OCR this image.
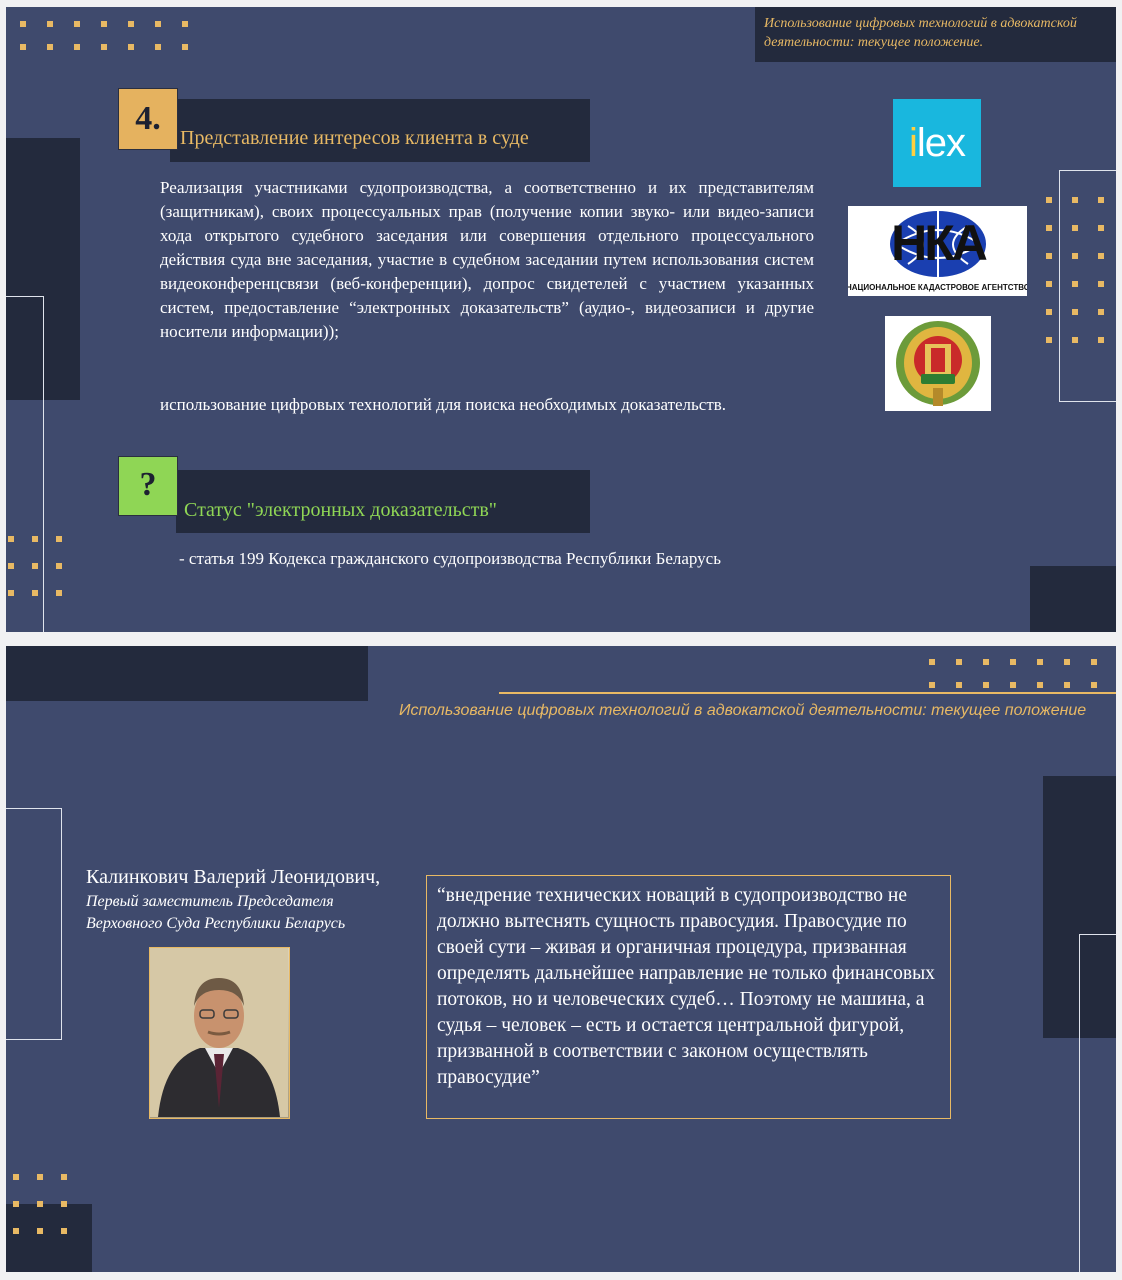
Использование цифровых технологий в адвокатской деятельности: текущее положение.
4.
Представление интересов клиента в суде
Реализация участниками судопроизводства, а соответственно и их представителям (защитникам), своих процессуальных прав (получение копии звуко- или видео-записи хода открытого судебного заседания или совершения отдельного процессуального действия суда вне заседания, участие в судебном заседании путем использования систем видеоконференцсвязи (веб-конференции), допрос свидетелей с участием указанных систем, предоставление “электронных доказательств” (аудио-, видеозаписи и другие носители информации));
использование цифровых технологий для поиска необходимых доказательств.
?
Статус "электронных доказательств"
- статья 199 Кодекса гражданского судопроизводства Республики Беларусь
ilex
НКА
НАЦИОНАЛЬНОЕ КАДАСТРОВОЕ АГЕНТСТВО
Использование цифровых технологий в адвокатской деятельности: текущее положение
Калинкович Валерий Леонидович,
Первый заместитель Председателя Верховного Суда Республики Беларусь
“внедрение технических новаций в судопроизводство не должно вытеснять сущность правосудия. Правосудие по своей сути – живая и органичная процедура, призванная определять дальнейшее направление не только финансовых потоков, но и человеческих судеб… Поэтому не машина, а судья – человек – есть и остается центральной фигурой, призванной в соответствии с законом осуществлять правосудие”
